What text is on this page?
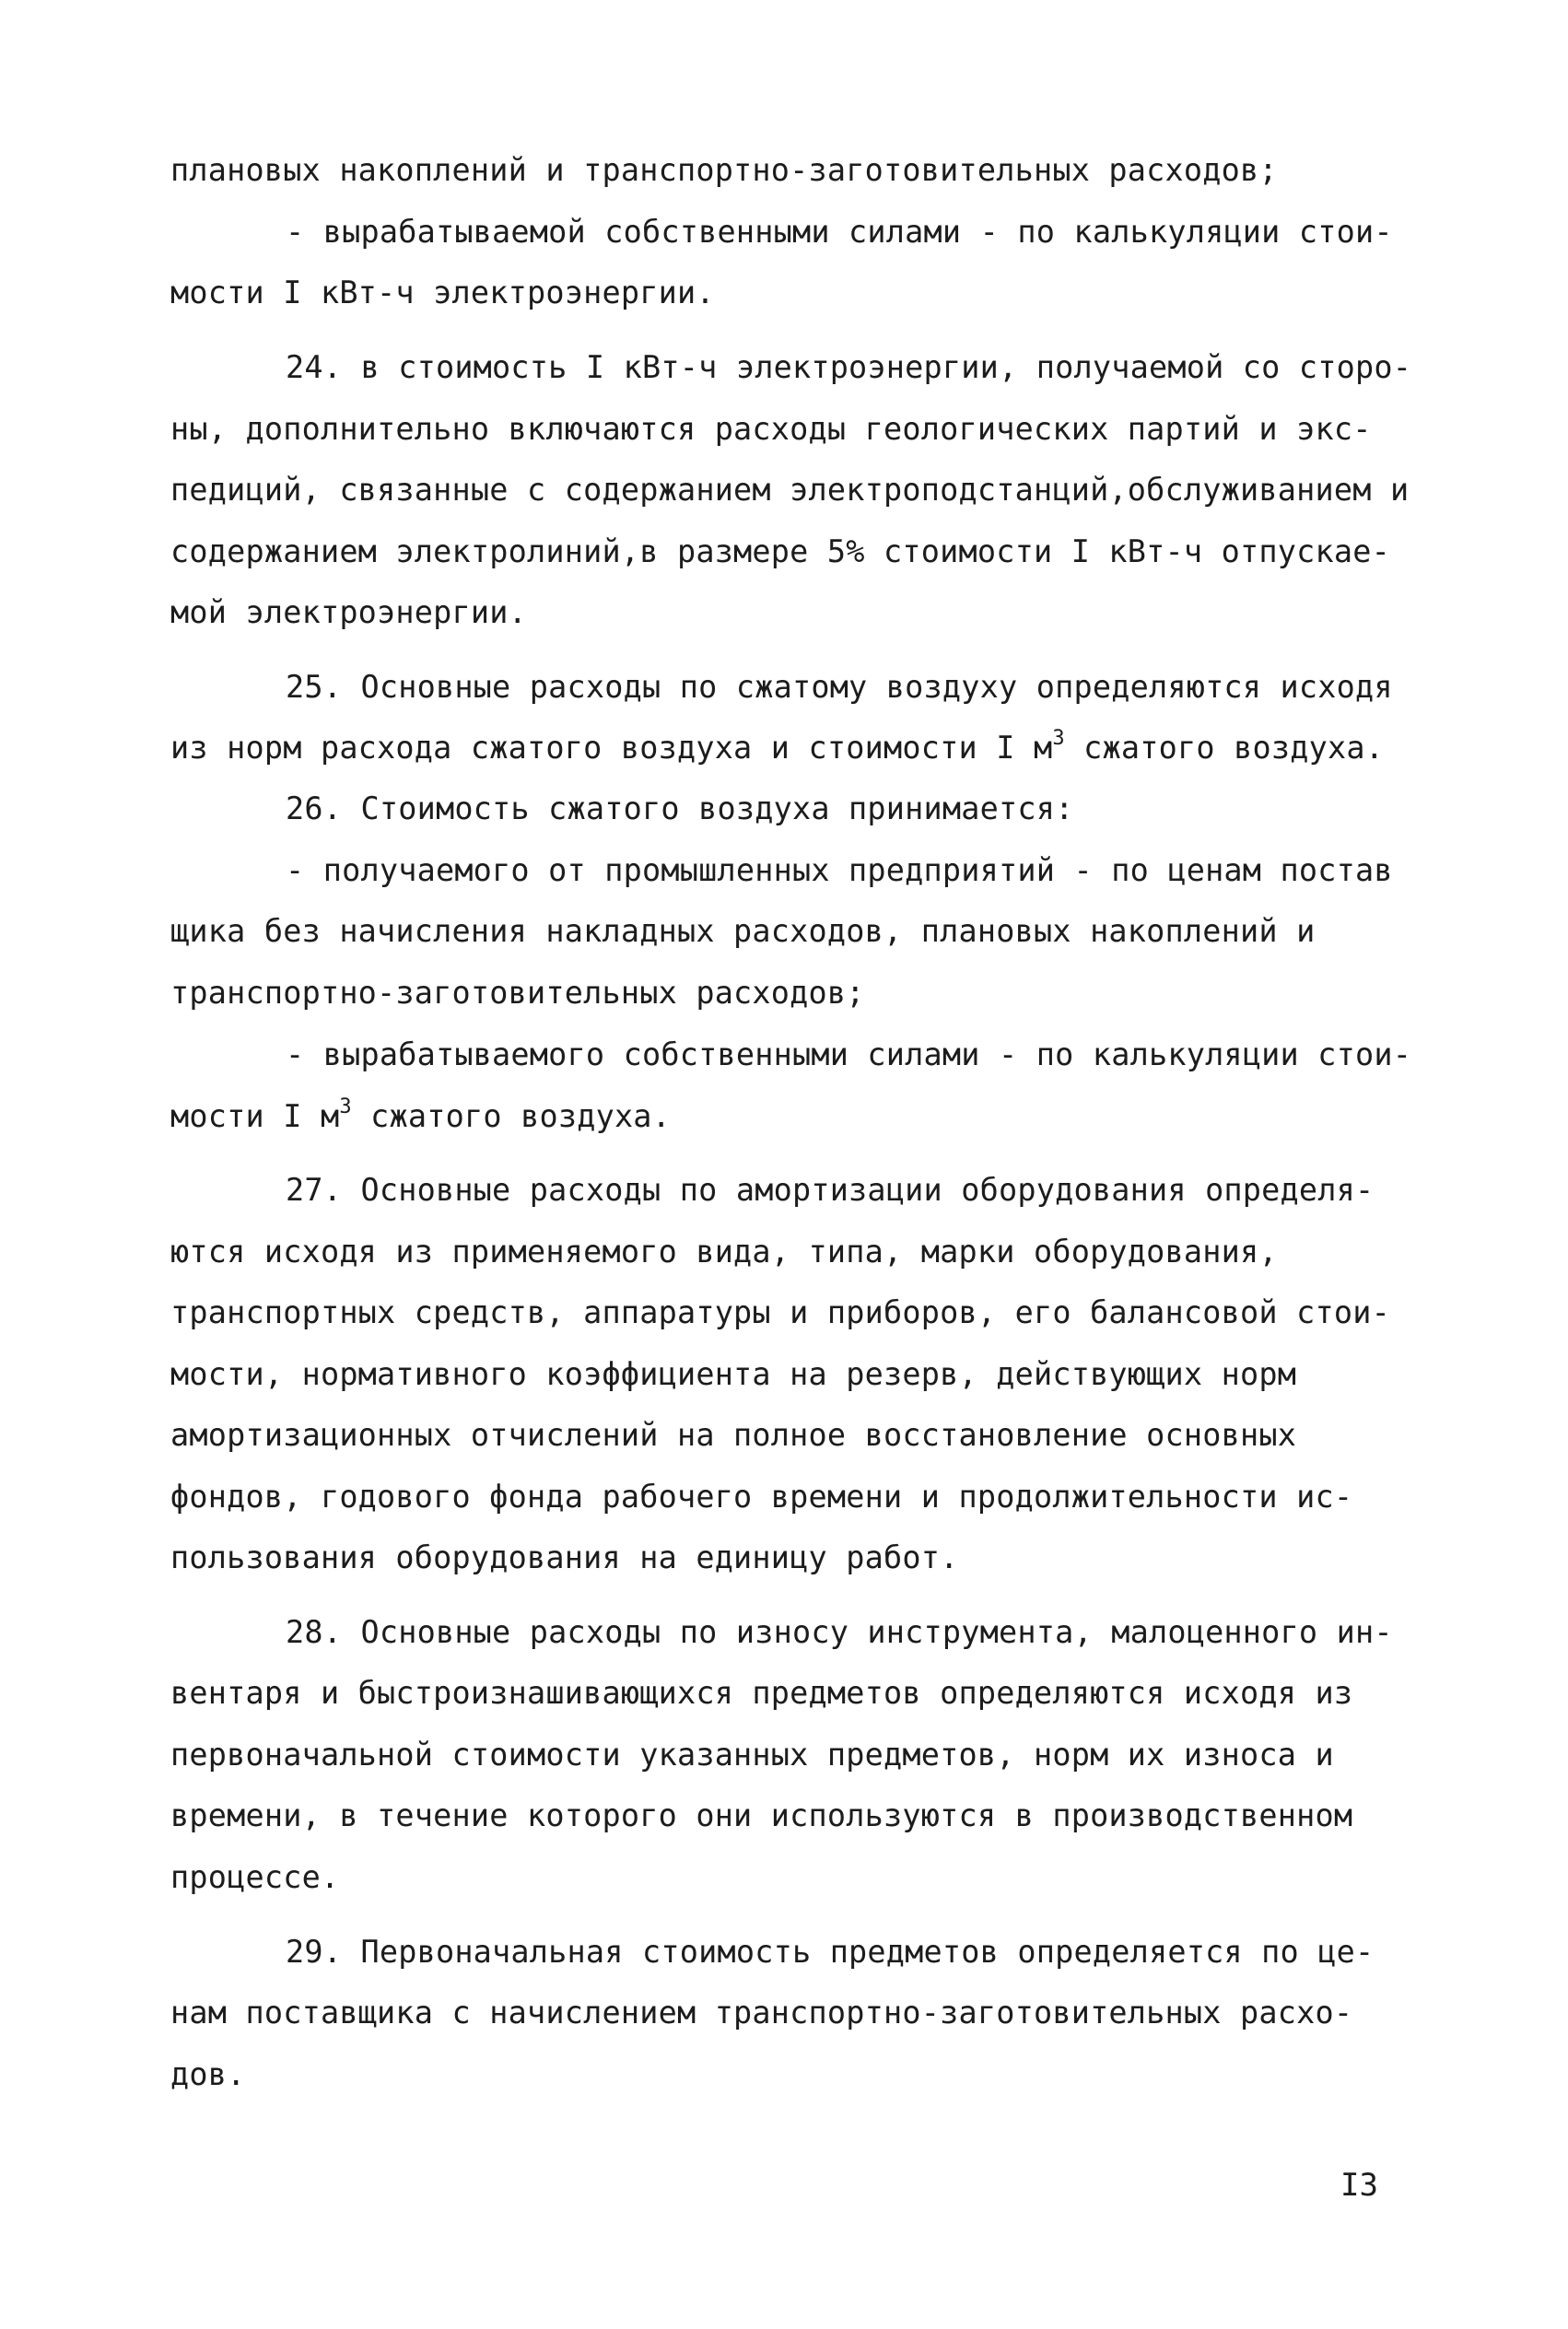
плановых накоплений и транспортно-заготовительных расходов;
- вырабатываемой собственными силами - по калькуляции стои-
мости I кВт-ч электроэнергии.
24. в стоимость I кВт-ч электроэнергии, получаемой со сторо-
ны, дополнительно включаются расходы геологических партий и экс-
педиций, связанные с содержанием электроподстанций,обслуживанием и
содержанием электролиний,в размере 5% стоимости I кВт-ч отпускае-
мой электроэнергии.
25. Основные расходы по сжатому воздуху определяются исходя
из норм расхода сжатого воздуха и стоимости I $м^3$ сжатого воздуха.
26. Стоимость сжатого воздуха принимается:
- получаемого от промышленных предприятий - по ценам постав
щика без начисления накладных расходов, плановых накоплений и
транспортно-заготовительных расходов;
- вырабатываемого собственными силами - по калькуляции стои-
мости I $м^3$ сжатого воздуха.
27. Основные расходы по амортизации оборудования определя-
ются исходя из применяемого вида, типа, марки оборудования,
транспортных средств, аппаратуры и приборов, его балансовой стои-
мости, нормативного коэффициента на резерв, действующих норм
амортизационных отчислений на полное восстановление основных
фондов, годового фонда рабочего времени и продолжительности ис-
пользования оборудования на единицу работ.
28. Основные расходы по износу инструмента, малоценного ин-
вентаря и быстроизнашивающихся предметов определяются исходя из
первоначальной стоимости указанных предметов, норм их износа и
времени, в течение которого они используются в производственном
процессе.
29. Первоначальная стоимость предметов определяется по це-
нам поставщика с начислением транспортно-заготовительных расхо-
дов.
I3
